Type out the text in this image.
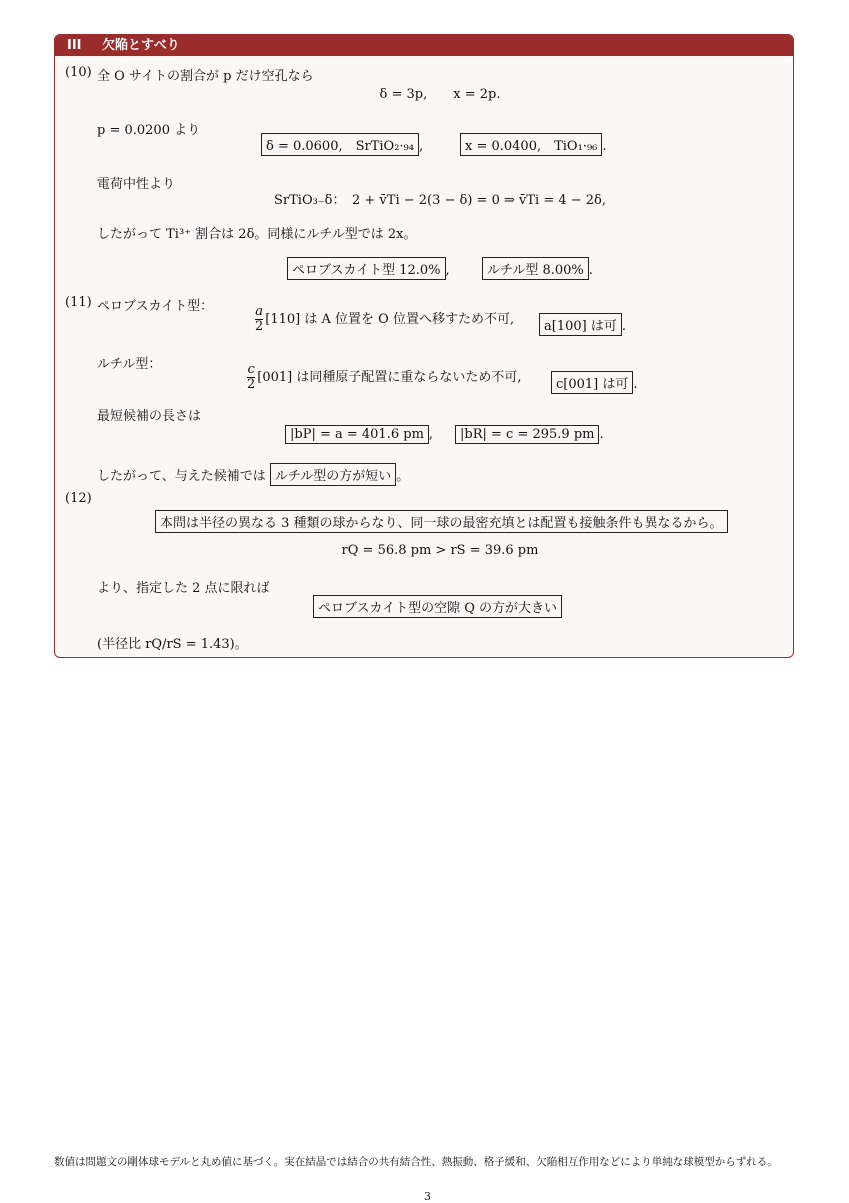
III 欠陥とすべり
(10) 全 O サイトの割合が p だけ空孔なら
δ = 3p,　　x = 2p.
p = 0.0200 より
δ = 0.0600,　SrTiO₂·₉₄ ,	x = 0.0400,　TiO₁·₉₆ .
電荷中性より
SrTiO₃₋δ：　2 + v̄Ti − 2(3 − δ) = 0 ⇒ v̄Ti = 4 − 2δ,
したがって Ti³⁺ 割合は 2δ。同様にルチル型では 2x。
ペロブスカイト型 12.0% ,	ルチル型 8.00% .
(11) ペロブスカイト型：	$\frac{a}{2} [110]$ は A 位置を O 位置へ移すため不可,	a[100] は可 .
ルチル型：	$\frac{c}{2} [001]$ は同種原子配置に重ならないため不可,	c[001] は可 .
最短候補の長さは
|bP| = a = 401.6 pm ,	|bR| = c = 295.9 pm .
したがって、与えた候補では ルチル型の方が短い 。
(12)
本問は半径の異なる 3 種類の球からなり、同一球の最密充填とは配置も接触条件も異なるから。
rQ = 56.8 pm > rS = 39.6 pm
より、指定した 2 点に限れば
ペロブスカイト型の空隙 Q の方が大きい
(半径比 rQ/rS = 1.43)。
数値は問題文の剛体球モデルと丸め値に基づく。実在結晶では結合の共有結合性、熱振動、格子緩和、欠陥相互作用などにより単純な球模型からずれる。
3
